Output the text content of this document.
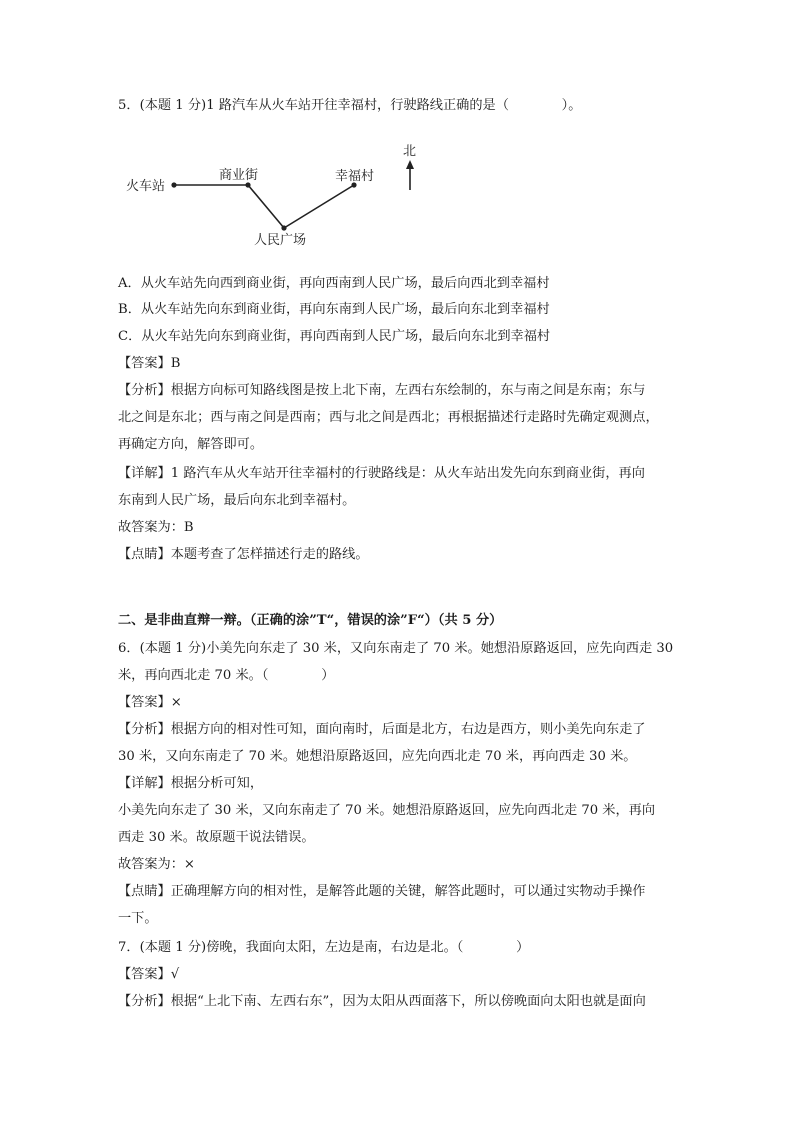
5．(本题 1 分)1 路汽车从火车站开往幸福村，行驶路线正确的是（　　　　）。
火车站
商业街
人民广场
幸福村
北
A．从火车站先向西到商业街，再向西南到人民广场，最后向西北到幸福村
B．从火车站先向东到商业街，再向东南到人民广场，最后向东北到幸福村
C．从火车站先向东到商业街，再向西南到人民广场，最后向东北到幸福村
【答案】B
【分析】根据方向标可知路线图是按上北下南，左西右东绘制的，东与南之间是东南；东与
北之间是东北；西与南之间是西南；西与北之间是西北；再根据描述行走路时先确定观测点，
再确定方向，解答即可。
【详解】1 路汽车从火车站开往幸福村的行驶路线是：从火车站出发先向东到商业街，再向
东南到人民广场，最后向东北到幸福村。
故答案为：B
【点睛】本题考查了怎样描述行走的路线。
二、是非曲直辩一辩。（正确的涂”T“，错误的涂”F“）（共 5 分）
6．(本题 1 分)小美先向东走了 30 米，又向东南走了 70 米。她想沿原路返回，应先向西走 30
米，再向西北走 70 米。（　　　　）
【答案】×
【分析】根据方向的相对性可知，面向南时，后面是北方，右边是西方，则小美先向东走了
30 米，又向东南走了 70 米。她想沿原路返回，应先向西北走 70 米，再向西走 30 米。
【详解】根据分析可知，
小美先向东走了 30 米，又向东南走了 70 米。她想沿原路返回，应先向西北走 70 米，再向
西走 30 米。故原题干说法错误。
故答案为：×
【点睛】正确理解方向的相对性，是解答此题的关键，解答此题时，可以通过实物动手操作
一下。
7．(本题 1 分)傍晚，我面向太阳，左边是南，右边是北。（　　　　）
【答案】√
【分析】根据“上北下南、左西右东”，因为太阳从西面落下，所以傍晚面向太阳也就是面向
